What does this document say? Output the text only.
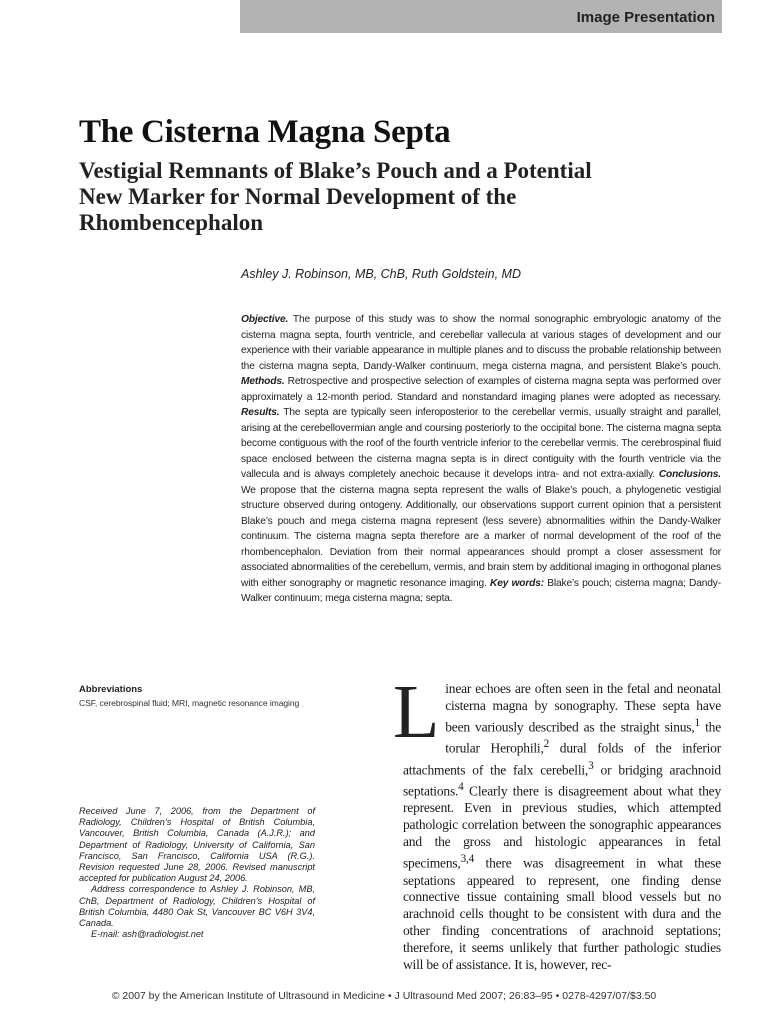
Image Presentation
The Cisterna Magna Septa
Vestigial Remnants of Blake’s Pouch and a Potential New Marker for Normal Development of the Rhombencephalon

Ashley J. Robinson, MB, ChB, Ruth Goldstein, MD

Objective. The purpose of this study was to show the normal sonographic embryologic anatomy of the cisterna magna septa, fourth ventricle, and cerebellar vallecula at various stages of development and our experience with their variable appearance in multiple planes and to discuss the probable relationship between the cisterna magna septa, Dandy-Walker continuum, mega cisterna magna, and persistent Blake’s pouch. Methods. Retrospective and prospective selection of examples of cisterna magna septa was performed over approximately a 12-month period. Standard and nonstandard imaging planes were adopted as necessary. Results. The septa are typically seen inferoposterior to the cerebellar vermis, usually straight and parallel, arising at the cerebellovermian angle and coursing posteriorly to the occipital bone. The cisterna magna septa become contiguous with the roof of the fourth ventricle inferior to the cerebellar vermis. The cerebrospinal fluid space enclosed between the cisterna magna septa is in direct contiguity with the fourth ventricle via the vallecula and is always completely anechoic because it develops intra- and not extra-axially. Conclusions. We propose that the cisterna magna septa represent the walls of Blake’s pouch, a phylogenetic vestigial structure observed during ontogeny. Additionally, our observations support current opinion that a persistent Blake’s pouch and mega cisterna magna represent (less severe) abnormalities within the Dandy-Walker continuum. The cisterna magna septa therefore are a marker of normal development of the roof of the rhombencephalon. Deviation from their normal appearances should prompt a closer assessment for associated abnormalities of the cerebellum, vermis, and brain stem by additional imaging in orthogonal planes with either sonography or magnetic resonance imaging. Key words: Blake’s pouch; cisterna magna; Dandy-Walker continuum; mega cisterna magna; septa.

Abbreviations

CSF, cerebrospinal fluid; MRI, magnetic resonance imaging

Received June 7, 2006, from the Department of Radiology, Children’s Hospital of British Columbia, Vancouver, British Columbia, Canada (A.J.R.); and Department of Radiology, University of California, San Francisco, San Francisco, California USA (R.G.). Revision requested June 28, 2006. Revised manuscript accepted for publication August 24, 2006.
Address correspondence to Ashley J. Robinson, MB, ChB, Department of Radiology, Children’s Hospital of British Columbia, 4480 Oak St, Vancouver BC V6H 3V4, Canada.
E-mail: ash@radiologist.net

Linear echoes are often seen in the fetal and neonatal cisterna magna by sonography. These septa have been variously described as the straight sinus,$^1$ the torular Herophili,$^2$ dural folds of the inferior attachments of the falx cerebelli,$^3$ or bridging arachnoid septations.$^4$ Clearly there is disagreement about what they represent. Even in previous studies, which attempted pathologic correlation between the sonographic appearances and the gross and histologic appearances in fetal specimens,$^{3,4}$ there was disagreement in what these septations appeared to represent, one finding dense connective tissue containing small blood vessels but no arachnoid cells thought to be consistent with dura and the other finding concentrations of arachnoid septations; therefore, it seems unlikely that further pathologic studies will be of assistance. It is, however, rec-

© 2007 by the American Institute of Ultrasound in Medicine • J Ultrasound Med 2007; 26:83–95 • 0278-4297/07/$3.50
